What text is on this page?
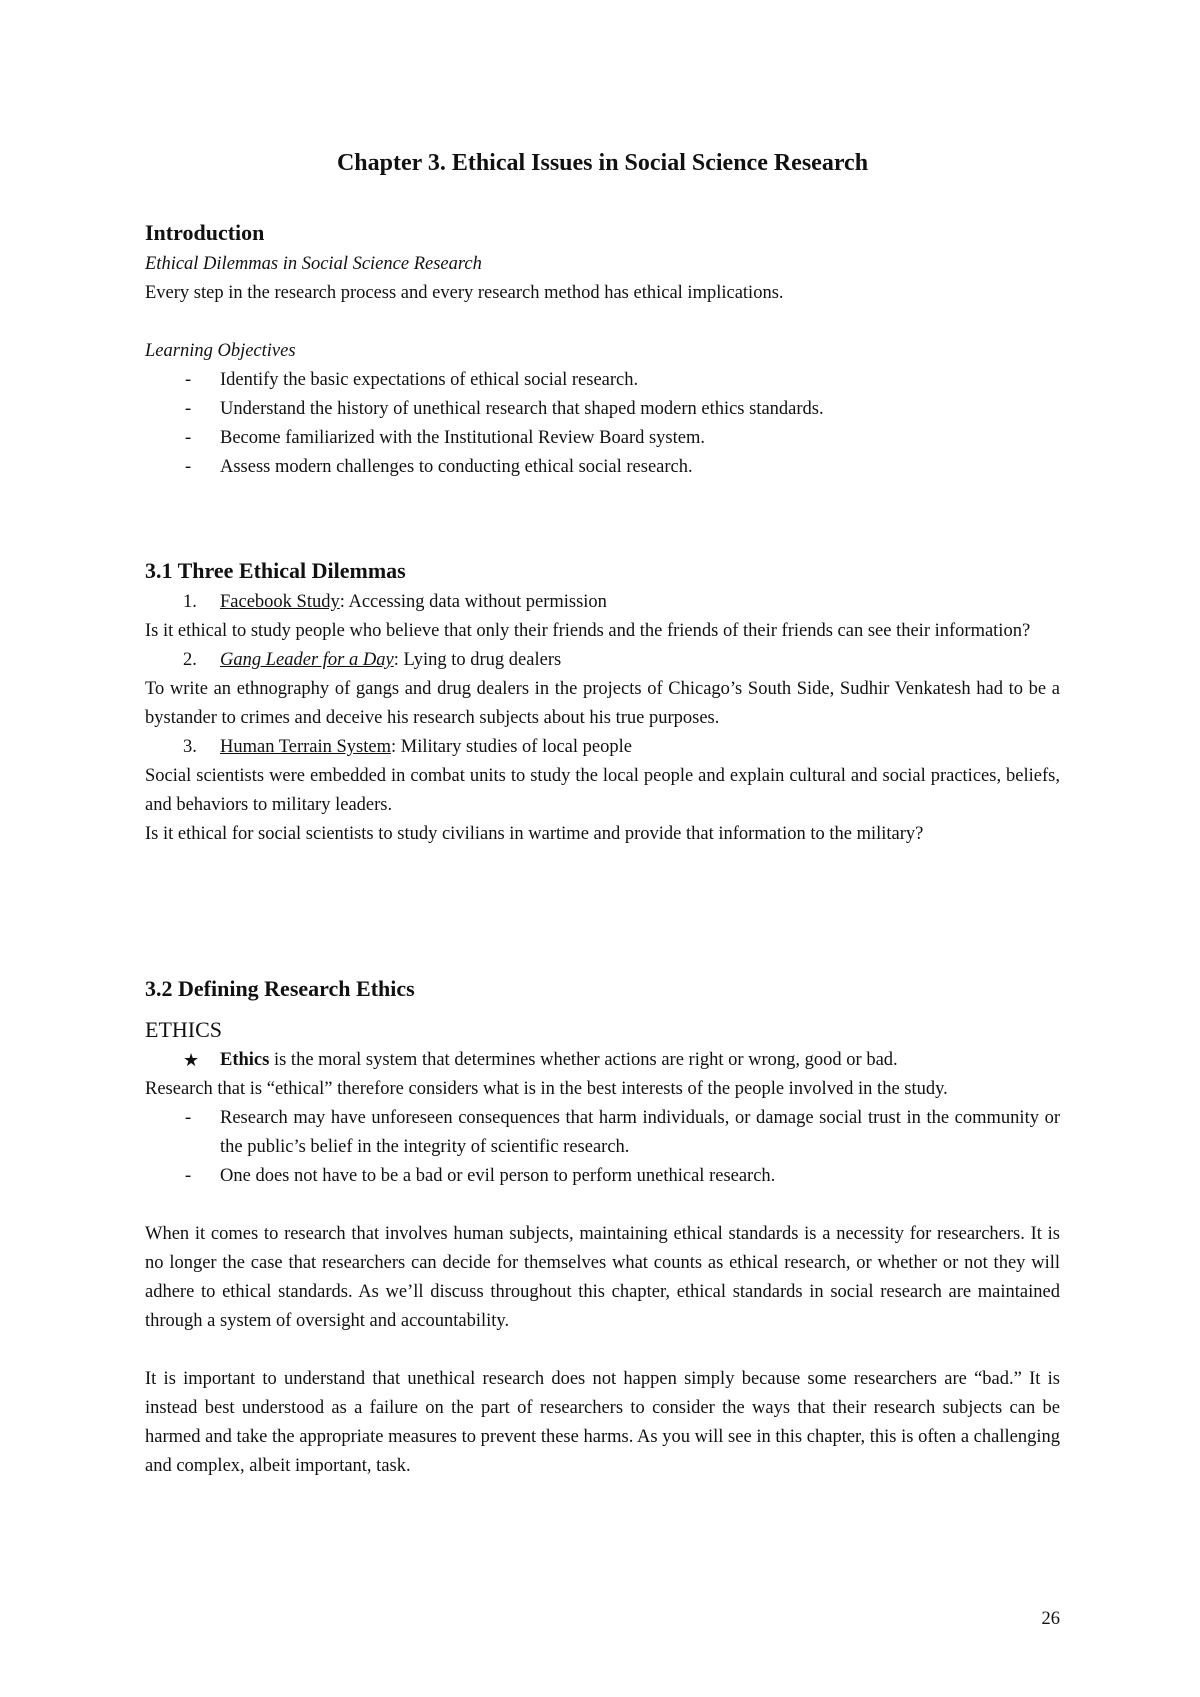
Chapter 3. Ethical Issues in Social Science Research
Introduction

Ethical Dilemmas in Social Science Research

Every step in the research process and every research method has ethical implications.

Learning Objectives

- Identify the basic expectations of ethical social research.
- Understand the history of unethical research that shaped modern ethics standards.
- Become familiarized with the Institutional Review Board system.
- Assess modern challenges to conducting ethical social research.
3.1 Three Ethical Dilemmas
1. Facebook Study: Accessing data without permission

Is it ethical to study people who believe that only their friends and the friends of their friends can see their information?

2. Gang Leader for a Day: Lying to drug dealers

To write an ethnography of gangs and drug dealers in the projects of Chicago’s South Side, Sudhir Venkatesh had to be a bystander to crimes and deceive his research subjects about his true purposes.

3. Human Terrain System: Military studies of local people

Social scientists were embedded in combat units to study the local people and explain cultural and social practices, beliefs, and behaviors to military leaders.

Is it ethical for social scientists to study civilians in wartime and provide that information to the military?

3.2 Defining Research Ethics
ETHICS

★ Ethics is the moral system that determines whether actions are right or wrong, good or bad.

Research that is “ethical” therefore considers what is in the best interests of the people involved in the study.

- Research may have unforeseen consequences that harm individuals, or damage social trust in the community or the public’s belief in the integrity of scientific research.
- One does not have to be a bad or evil person to perform unethical research.

When it comes to research that involves human subjects, maintaining ethical standards is a necessity for researchers. It is no longer the case that researchers can decide for themselves what counts as ethical research, or whether or not they will adhere to ethical standards. As we’ll discuss throughout this chapter, ethical standards in social research are maintained through a system of oversight and accountability.

It is important to understand that unethical research does not happen simply because some researchers are “bad.” It is instead best understood as a failure on the part of researchers to consider the ways that their research subjects can be harmed and take the appropriate measures to prevent these harms. As you will see in this chapter, this is often a challenging and complex, albeit important, task.

26
